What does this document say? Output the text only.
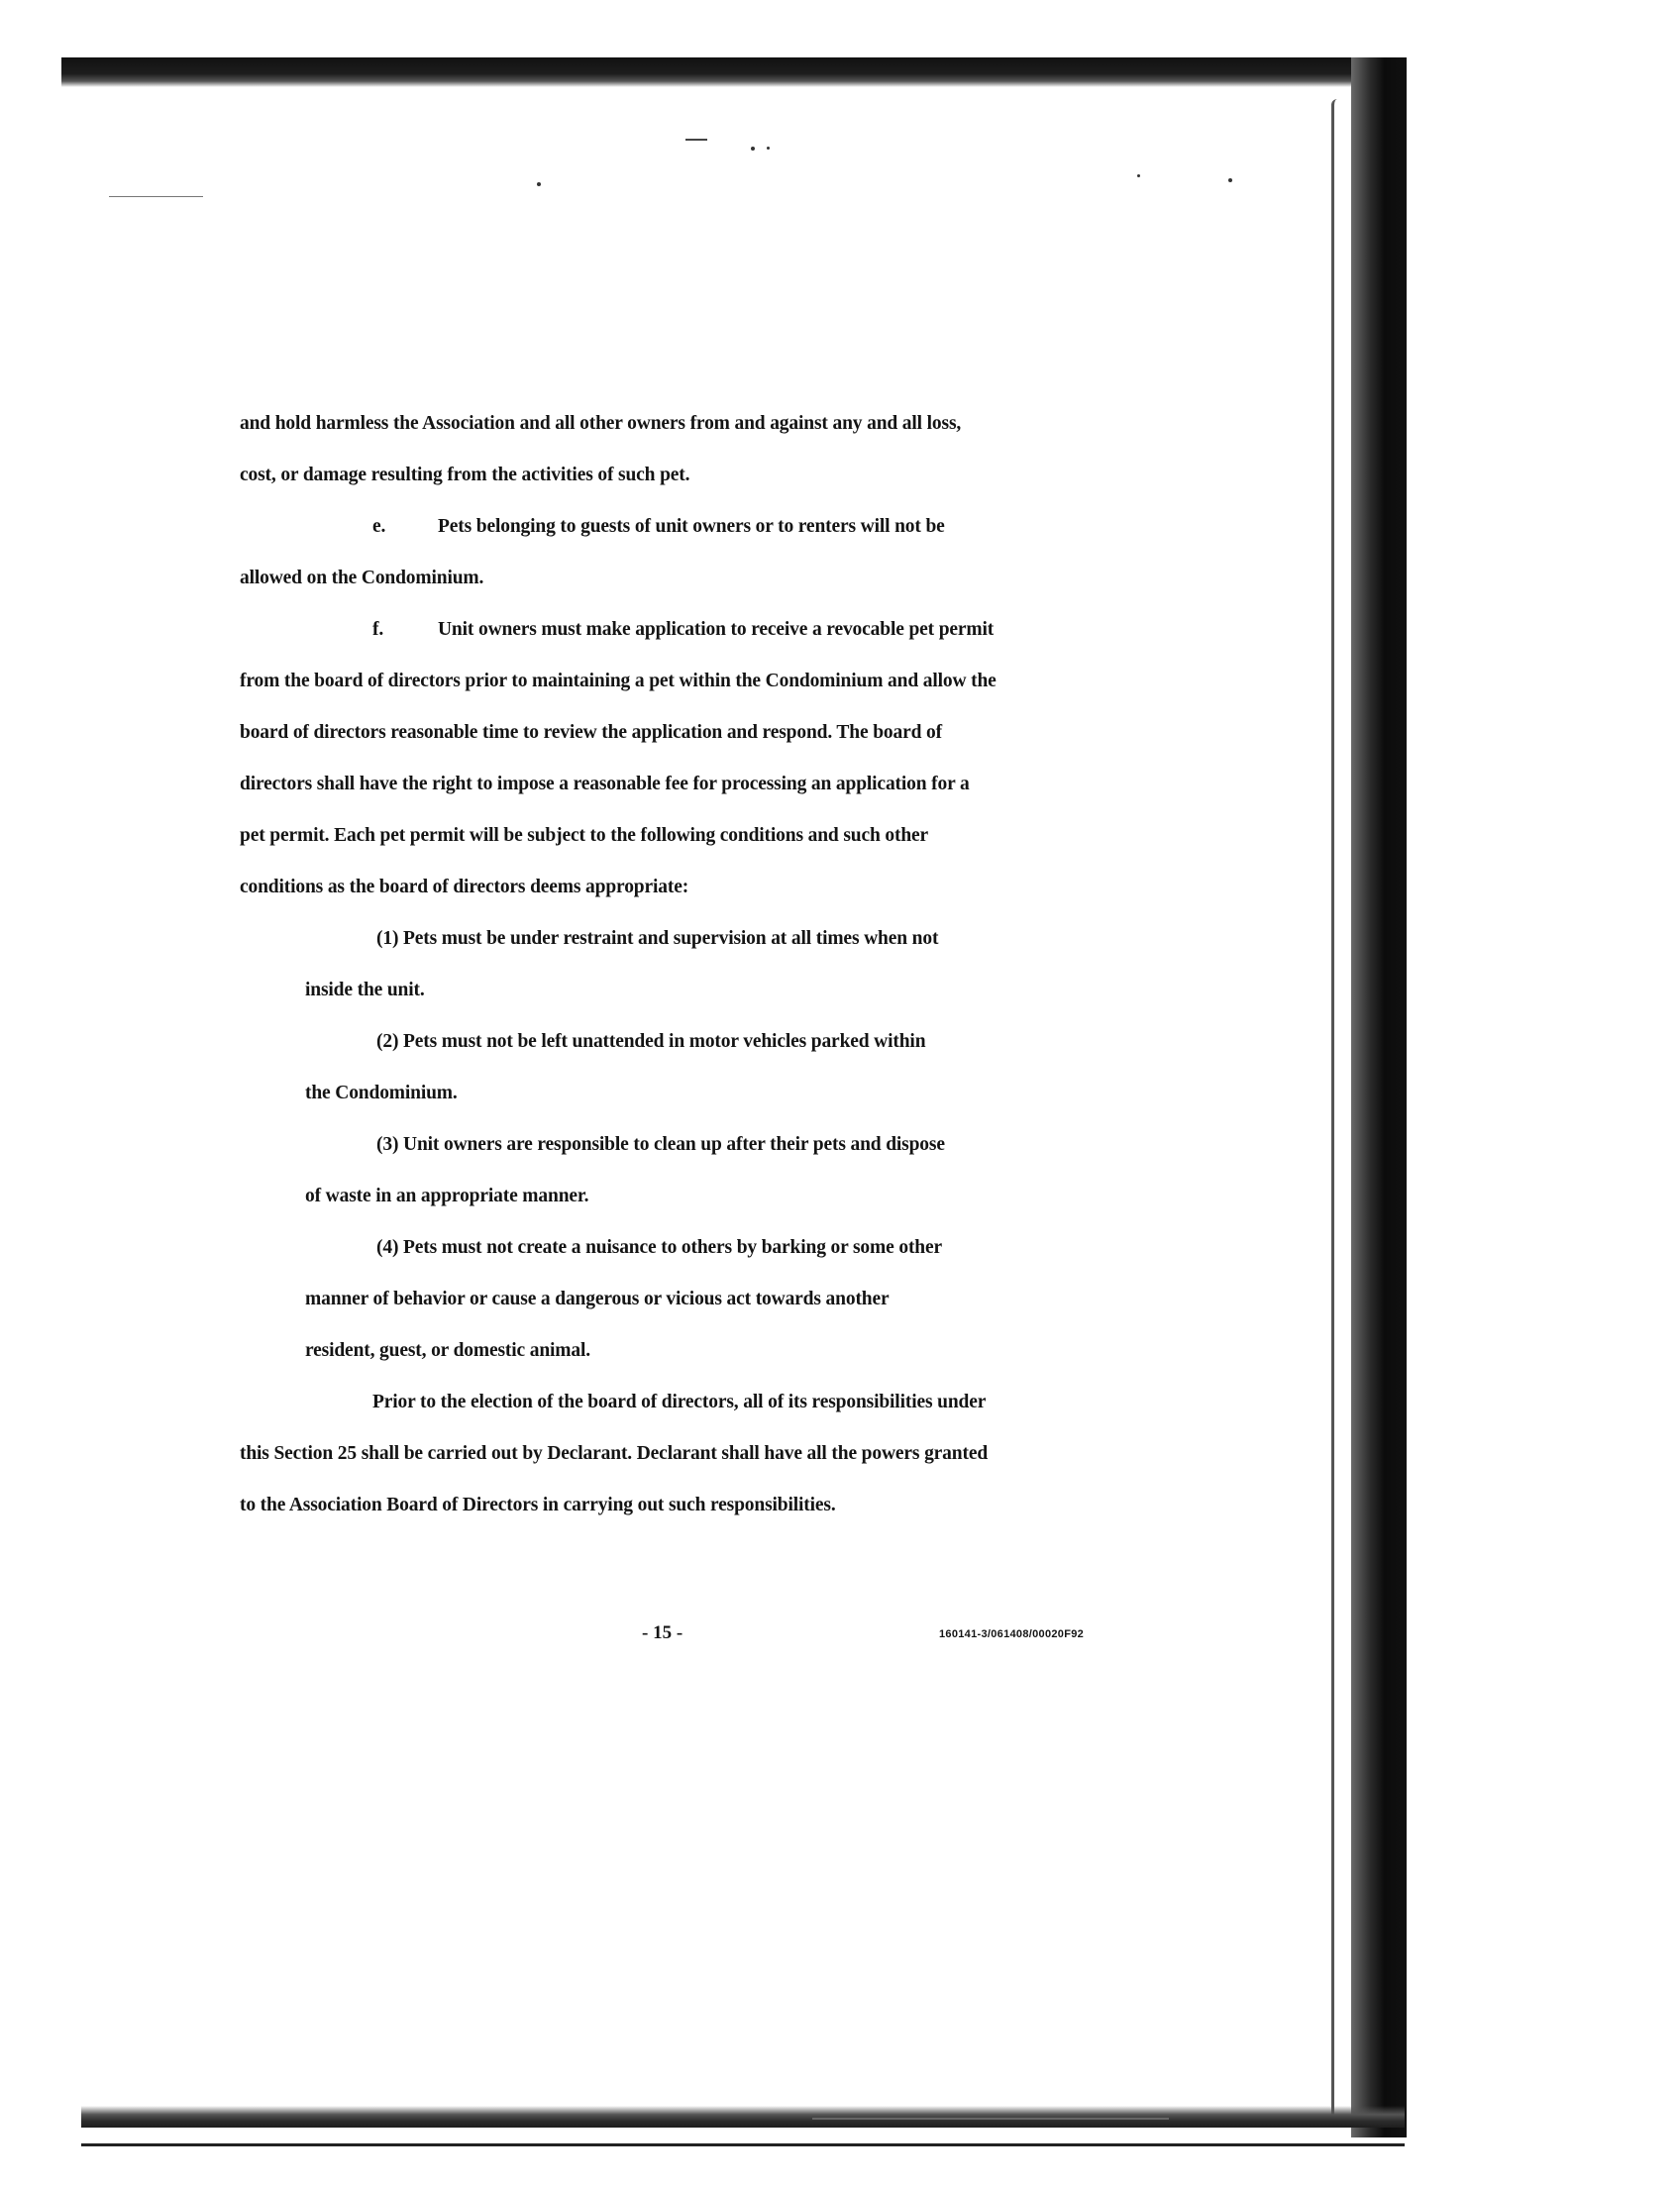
and hold harmless the Association and all other owners from and against any and all loss,
cost, or damage resulting from the activities of such pet.
e.	Pets belonging to guests of unit owners or to renters will not be
allowed on the Condominium.
f.	Unit owners must make application to receive a revocable pet permit
from the board of directors prior to maintaining a pet within the Condominium and allow the
board of directors reasonable time to review the application and respond. The board of
directors shall have the right to impose a reasonable fee for processing an application for a
pet permit. Each pet permit will be subject to the following conditions and such other
conditions as the board of directors deems appropriate:
(1) Pets must be under restraint and supervision at all times when not
inside the unit.
(2) Pets must not be left unattended in motor vehicles parked within
the Condominium.
(3) Unit owners are responsible to clean up after their pets and dispose
of waste in an appropriate manner.
(4) Pets must not create a nuisance to others by barking or some other
manner of behavior or cause a dangerous or vicious act towards another
resident, guest, or domestic animal.
Prior to the election of the board of directors, all of its responsibilities under
this Section 25 shall be carried out by Declarant. Declarant shall have all the powers granted
to the Association Board of Directors in carrying out such responsibilities.
- 15 -	160141-3/061408/00020F92
